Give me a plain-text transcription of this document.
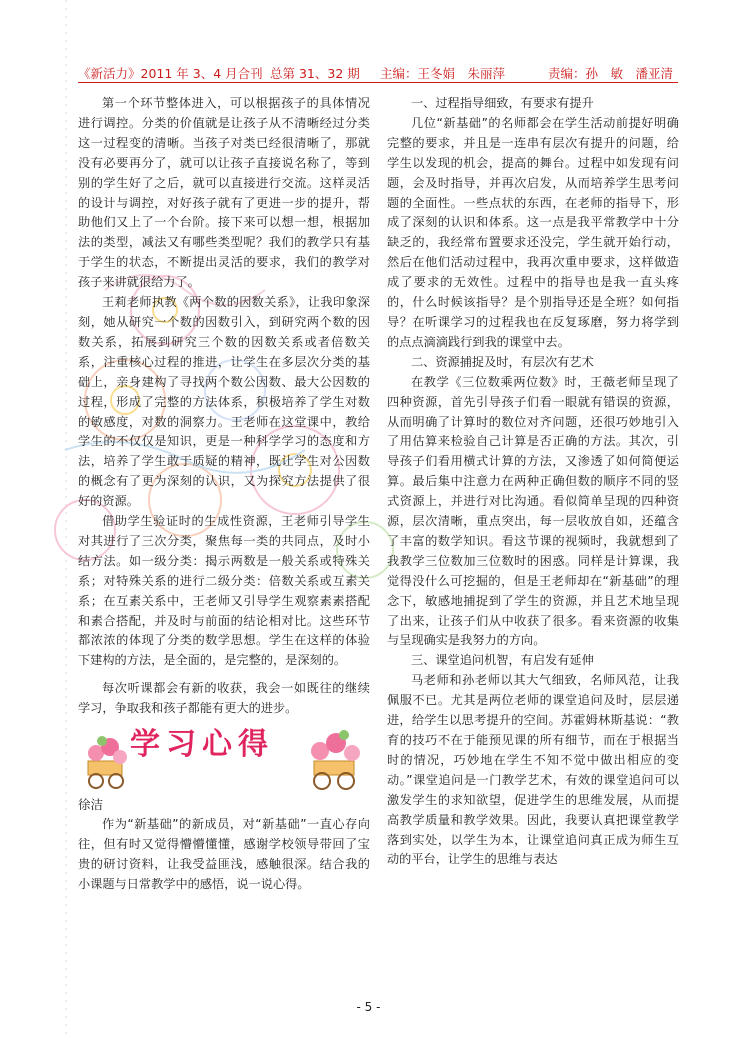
《新活力》2011 年 3、4 月合刊 总第 31、32 期 主编：王冬娟　朱丽萍	责编：孙　敏　潘亚清

第一个环节整体进入，可以根据孩子的具体情况进行调控。分类的价值就是让孩子从不清晰经过分类这一过程变的清晰。当孩子对类已经很清晰了，那就没有必要再分了，就可以让孩子直接说名称了，等到别的学生好了之后，就可以直接进行交流。这样灵活的设计与调控，对好孩子就有了更进一步的提升，帮助他们又上了一个台阶。接下来可以想一想，根据加法的类型，减法又有哪些类型呢？我们的教学只有基于学生的状态，不断提出灵活的要求，我们的教学对孩子来讲就很给力了。

王莉老师执教《两个数的因数关系》，让我印象深刻，她从研究一个数的因数引入，到研究两个数的因数关系，拓展到研究三个数的因数关系或者倍数关系，注重核心过程的推进，让学生在多层次分类的基础上，亲身建构了寻找两个数公因数、最大公因数的过程，形成了完整的方法体系，积极培养了学生对数的敏感度，对数的洞察力。王老师在这堂课中，教给学生的不仅仅是知识，更是一种科学学习的态度和方法，培养了学生敢于质疑的精神，既让学生对公因数的概念有了更为深刻的认识，又为探究方法提供了很好的资源。

借助学生验证时的生成性资源，王老师引导学生对其进行了三次分类，聚焦每一类的共同点，及时小结方法。如一级分类：揭示两数是一般关系或特殊关系；对特殊关系的进行二级分类：倍数关系或互素关系；在互素关系中，王老师又引导学生观察素素搭配和素合搭配，并及时与前面的结论相对比。这些环节都浓浓的体现了分类的数学思想。学生在这样的体验下建构的方法，是全面的，是完整的，是深刻的。

每次听课都会有新的收获，我会一如既往的继续学习，争取我和孩子都能有更大的进步。

学习心得

徐洁

作为“新基础”的新成员，对“新基础”一直心存向往，但有时又觉得懵懵懂懂，感谢学校领导带回了宝贵的研讨资料，让我受益匪浅，感触很深。结合我的小课题与日常教学中的感悟，说一说心得。

一、过程指导细致，有要求有提升

几位“新基础”的名师都会在学生活动前提好明确完整的要求，并且是一连串有层次有提升的问题，给学生以发现的机会，提高的舞台。过程中如发现有问题，会及时指导，并再次启发，从而培养学生思考问题的全面性。一些点状的东西，在老师的指导下，形成了深刻的认识和体系。这一点是我平常教学中十分缺乏的，我经常布置要求还没完，学生就开始行动，然后在他们活动过程中，我再次重申要求，这样做造成了要求的无效性。过程中的指导也是我一直头疼的，什么时候该指导？是个别指导还是全班？如何指导？在听课学习的过程我也在反复琢磨，努力将学到的点点滴滴践行到我的课堂中去。

二、资源捕捉及时，有层次有艺术

在教学《三位数乘两位数》时，王薇老师呈现了四种资源，首先引导孩子们看一眼就有错误的资源，从而明确了计算时的数位对齐问题，还很巧妙地引入了用估算来检验自己计算是否正确的方法。其次，引导孩子们看用横式计算的方法，又渗透了如何简便运算。最后集中注意力在两种正确但数的顺序不同的竖式资源上，并进行对比沟通。看似简单呈现的四种资源，层次清晰，重点突出，每一层收放自如，还蕴含了丰富的数学知识。看这节课的视频时，我就想到了我教学三位数加三位数时的困惑。同样是计算课，我觉得没什么可挖掘的，但是王老师却在“新基础”的理念下，敏感地捕捉到了学生的资源，并且艺术地呈现了出来，让孩子们从中收获了很多。看来资源的收集与呈现确实是我努力的方向。

三、课堂追问机智，有启发有延伸

马老师和孙老师以其大气细致，名师风范，让我佩服不已。尤其是两位老师的课堂追问及时，层层递进，给学生以思考提升的空间。苏霍姆林斯基说：“教育的技巧不在于能预见课的所有细节，而在于根据当时的情况，巧妙地在学生不知不觉中做出相应的变动。”课堂追问是一门教学艺术，有效的课堂追问可以激发学生的求知欲望，促进学生的思维发展，从而提高教学质量和教学效果。因此，我要认真把课堂教学落到实处，以学生为本，让课堂追问真正成为师生互动的平台，让学生的思维与表达

- 5 -
